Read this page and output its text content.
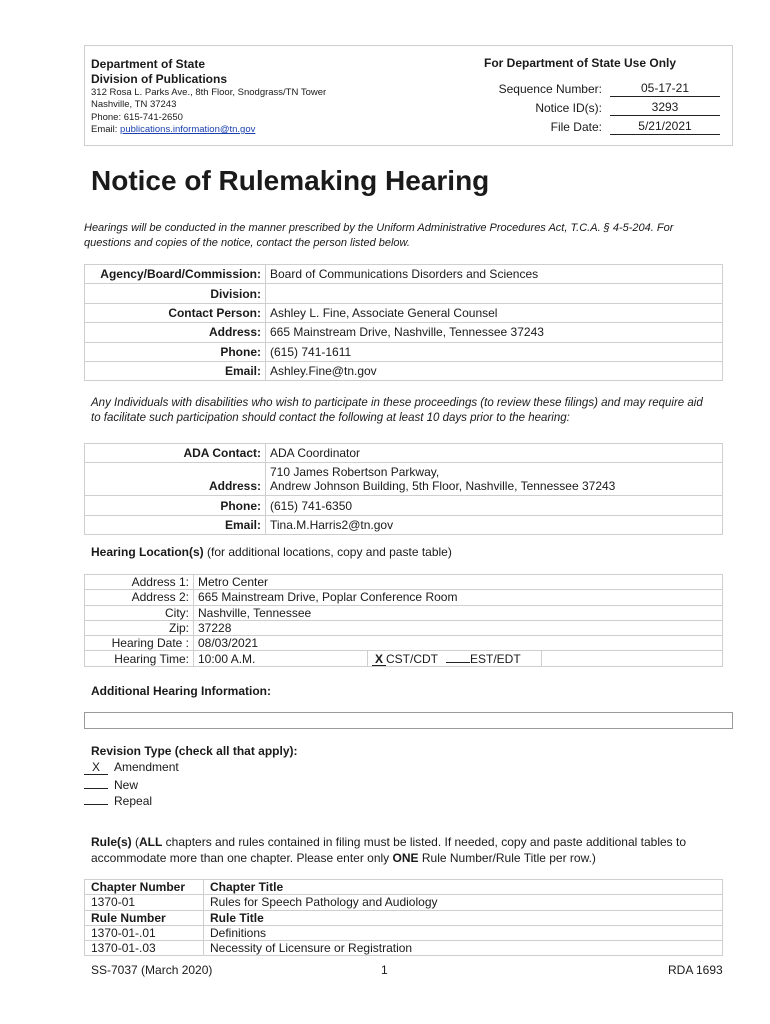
Department of State
Division of Publications
312 Rosa L. Parks Ave., 8th Floor, Snodgrass/TN Tower
Nashville, TN 37243
Phone: 615-741-2650
Email: publications.information@tn.gov
For Department of State Use Only
Sequence Number:	05-17-21
Notice ID(s):	3293
File Date:	5/21/2021
Notice of Rulemaking Hearing
Hearings will be conducted in the manner prescribed by the Uniform Administrative Procedures Act, T.C.A. § 4-5-204. For questions and copies of the notice, contact the person listed below.
Agency/Board/Commission:	Board of Communications Disorders and Sciences
Division:	
Contact Person:	Ashley L. Fine, Associate General Counsel
Address:	665 Mainstream Drive, Nashville, Tennessee 37243
Phone:	(615) 741-1611
Email:	Ashley.Fine@tn.gov
Any Individuals with disabilities who wish to participate in these proceedings (to review these filings) and may require aid to facilitate such participation should contact the following at least 10 days prior to the hearing:
ADA Contact:	ADA Coordinator
Address:	710 James Robertson Parkway,
Andrew Johnson Building, 5th Floor, Nashville, Tennessee 37243

Phone:	(615) 741-6350
Email:	Tina.M.Harris2@tn.gov
Hearing Location(s) (for additional locations, copy and paste table)
Address 1:	Metro Center		
Address 2:	665 Mainstream Drive, Poplar Conference Room		
City:	Nashville, Tennessee		
Zip:	37228		
Hearing Date :	08/03/2021		
Hearing Time:	10:00 A.M.	X CST/CDT EST/EDT	
Additional Hearing Information:
Revision Type (check all that apply):
X Amendment
New
Repeal
Rule(s) (ALL chapters and rules contained in filing must be listed. If needed, copy and paste additional tables to accommodate more than one chapter. Please enter only ONE Rule Number/Rule Title per row.)
Chapter Number	Chapter Title
1370-01	Rules for Speech Pathology and Audiology
Rule Number	Rule Title
1370-01-.01	Definitions
1370-01-.03	Necessity of Licensure or Registration
SS-7037 (March 2020)	1	RDA 1693
